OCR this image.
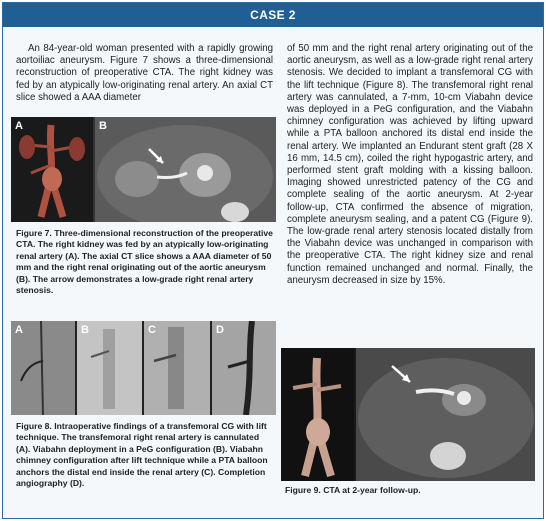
CASE 2

An 84-year-old woman presented with a rapidly growing aortoiliac aneurysm. Figure 7 shows a three-dimensional reconstruction of preoperative CTA. The right kidney was fed by an atypically low-originating renal artery. An axial CT slice showed a AAA diameter

A	B
Figure 7. Three-dimensional reconstruction of the preoperative CTA. The right kidney was fed by an atypically low-originating renal artery (A). The axial CT slice shows a AAA diameter of 50 mm and the right renal originating out of the aortic aneurysm (B). The arrow demonstrates a low-grade right renal artery stenosis.
A	B	C	D
Figure 8. Intraoperative findings of a transfemoral CG with lift technique. The transfemoral right renal artery is cannulated (A). Viabahn deployment in a PeG configuration (B). Viabahn chimney configuration after lift technique while a PTA balloon anchors the distal end inside the renal artery (C). Completion angiography (D).

of 50 mm and the right renal artery originating out of the aortic aneurysm, as well as a low-grade right renal artery stenosis. We decided to implant a transfemoral CG with the lift technique (Figure 8). The transfemoral right renal artery was cannulated, a 7-mm, 10-cm Viabahn device was deployed in a PeG configuration, and the Viabahn chimney configuration was achieved by lifting upward while a PTA balloon anchored its distal end inside the renal artery. We implanted an Endurant stent graft (28 X 16 mm, 14.5 cm), coiled the right hypogastric artery, and performed stent graft molding with a kissing balloon. Imaging showed unrestricted patency of the CG and complete sealing of the aortic aneurysm. At 2-year follow-up, CTA confirmed the absence of migration, complete aneurysm sealing, and a patent CG (Figure 9). The low-grade renal artery stenosis located distally from the Viabahn device was unchanged in comparison with the preoperative CTA. The right kidney size and renal function remained unchanged and normal. Finally, the aneurysm decreased in size by 15%.

Figure 9. CTA at 2-year follow-up.
